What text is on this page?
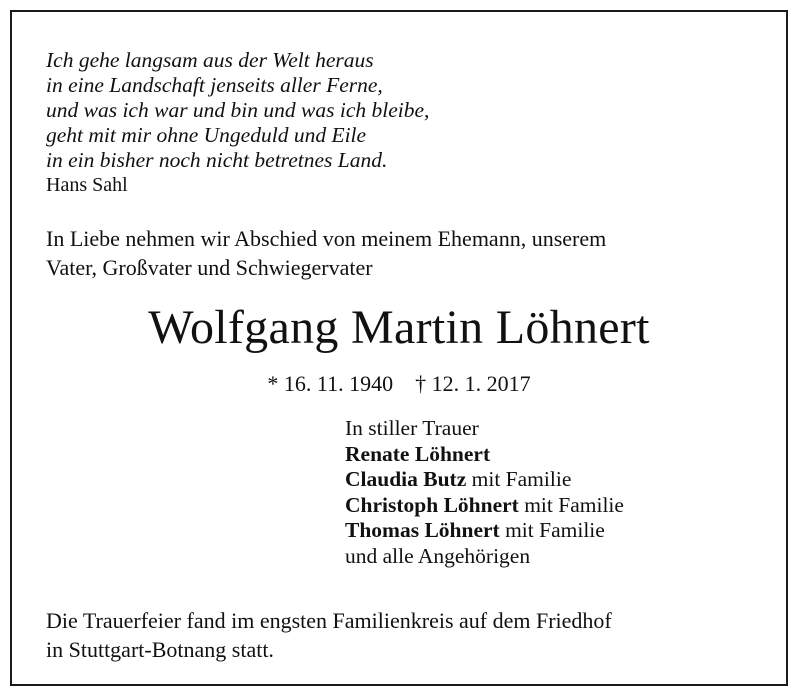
Ich gehe langsam aus der Welt heraus
in eine Landschaft jenseits aller Ferne,
und was ich war und bin und was ich bleibe,
geht mit mir ohne Ungeduld und Eile
in ein bisher noch nicht betretnes Land.
Hans Sahl
In Liebe nehmen wir Abschied von meinem Ehemann, unserem
Vater, Großvater und Schwiegervater
Wolfgang Martin Löhnert
* 16. 11. 1940 † 12. 1. 2017
In stiller Trauer
Renate Löhnert
Claudia Butz mit Familie
Christoph Löhnert mit Familie
Thomas Löhnert mit Familie
und alle Angehörigen
Die Trauerfeier fand im engsten Familienkreis auf dem Friedhof
in Stuttgart-Botnang statt.
